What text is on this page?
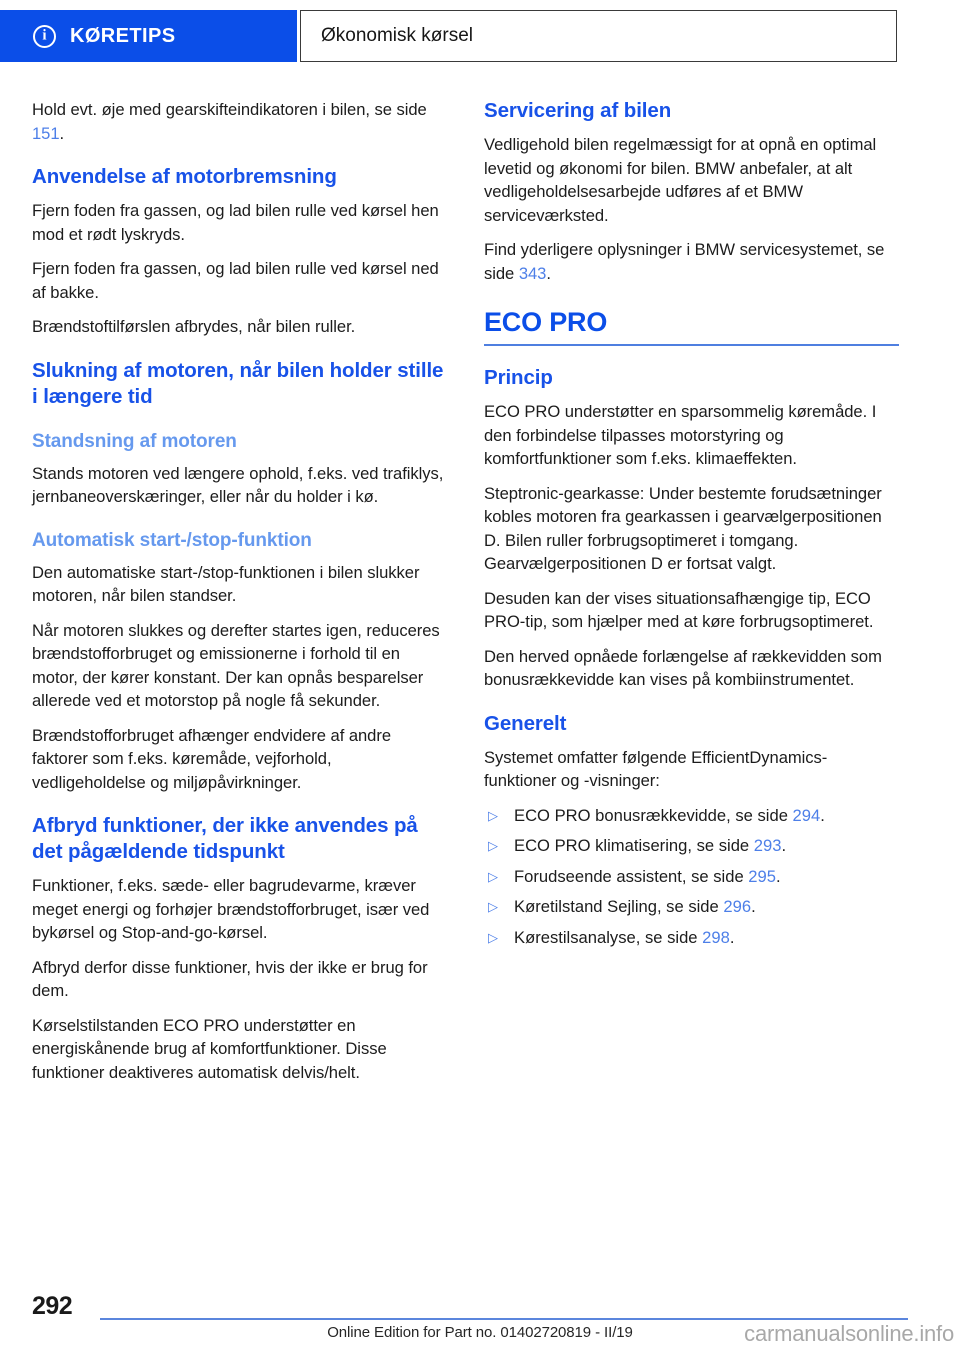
i KØRETIPS	Økonomisk kørsel

Hold evt. øje med gearskifteindikatoren i bilen, se side 151.

Anvendelse af motorbremsning

Fjern foden fra gassen, og lad bilen rulle ved kørsel hen mod et rødt lyskryds.

Fjern foden fra gassen, og lad bilen rulle ved kørsel ned af bakke.

Brændstoftilførslen afbrydes, når bilen ruller.

Slukning af motoren, når bilen holder stille i længere tid
Standsning af motoren

Stands motoren ved længere ophold, f.eks. ved trafiklys, jernbaneoverskæringer, eller når du holder i kø.

Automatisk start-/stop-funktion

Den automatiske start-/stop-funktionen i bilen slukker motoren, når bilen standser.

Når motoren slukkes og derefter startes igen, reduceres brændstofforbruget og emissionerne i forhold til en motor, der kører konstant. Der kan opnås besparelser allerede ved et motorstop på nogle få sekunder.

Brændstofforbruget afhænger endvidere af andre faktorer som f.eks. køremåde, vejforhold, vedligeholdelse og miljøpåvirkninger.

Afbryd funktioner, der ikke anvendes på det pågældende tidspunkt

Funktioner, f.eks. sæde- eller bagrudevarme, kræver meget energi og forhøjer brændstofforbruget, især ved bykørsel og Stop-and-go-kørsel.

Afbryd derfor disse funktioner, hvis der ikke er brug for dem.

Kørselstilstanden ECO PRO understøtter en energiskånende brug af komfortfunktioner. Disse funktioner deaktiveres automatisk delvis/helt.

Servicering af bilen

Vedligehold bilen regelmæssigt for at opnå en optimal levetid og økonomi for bilen. BMW anbefaler, at alt vedligeholdelsesarbejde udføres af et BMW serviceværksted.

Find yderligere oplysninger i BMW servicesystemet, se side 343.

ECO PRO
Princip

ECO PRO understøtter en sparsommelig køremåde. I den forbindelse tilpasses motorstyring og komfortfunktioner som f.eks. klimaeffekten.

Steptronic-gearkasse: Under bestemte forudsætninger kobles motoren fra gearkassen i gearvælgerpositionen D. Bilen ruller forbrugsoptimeret i tomgang. Gearvælgerpositionen D er fortsat valgt.

Desuden kan der vises situationsafhængige tip, ECO PRO-tip, som hjælper med at køre forbrugsoptimeret.

Den herved opnåede forlængelse af rækkevidden som bonusrækkevidde kan vises på kombiinstrumentet.

Generelt

Systemet omfatter følgende EfficientDynamics-funktioner og -visninger:

▷ ECO PRO bonusrækkevidde, se side 294.
▷ ECO PRO klimatisering, se side 293.
▷ Forudseende assistent, se side 295.
▷ Køretilstand Sejling, se side 296.
▷ Kørestilsanalyse, se side 298.
292
Online Edition for Part no. 01402720819 - II/19	carmanualsonline.info
